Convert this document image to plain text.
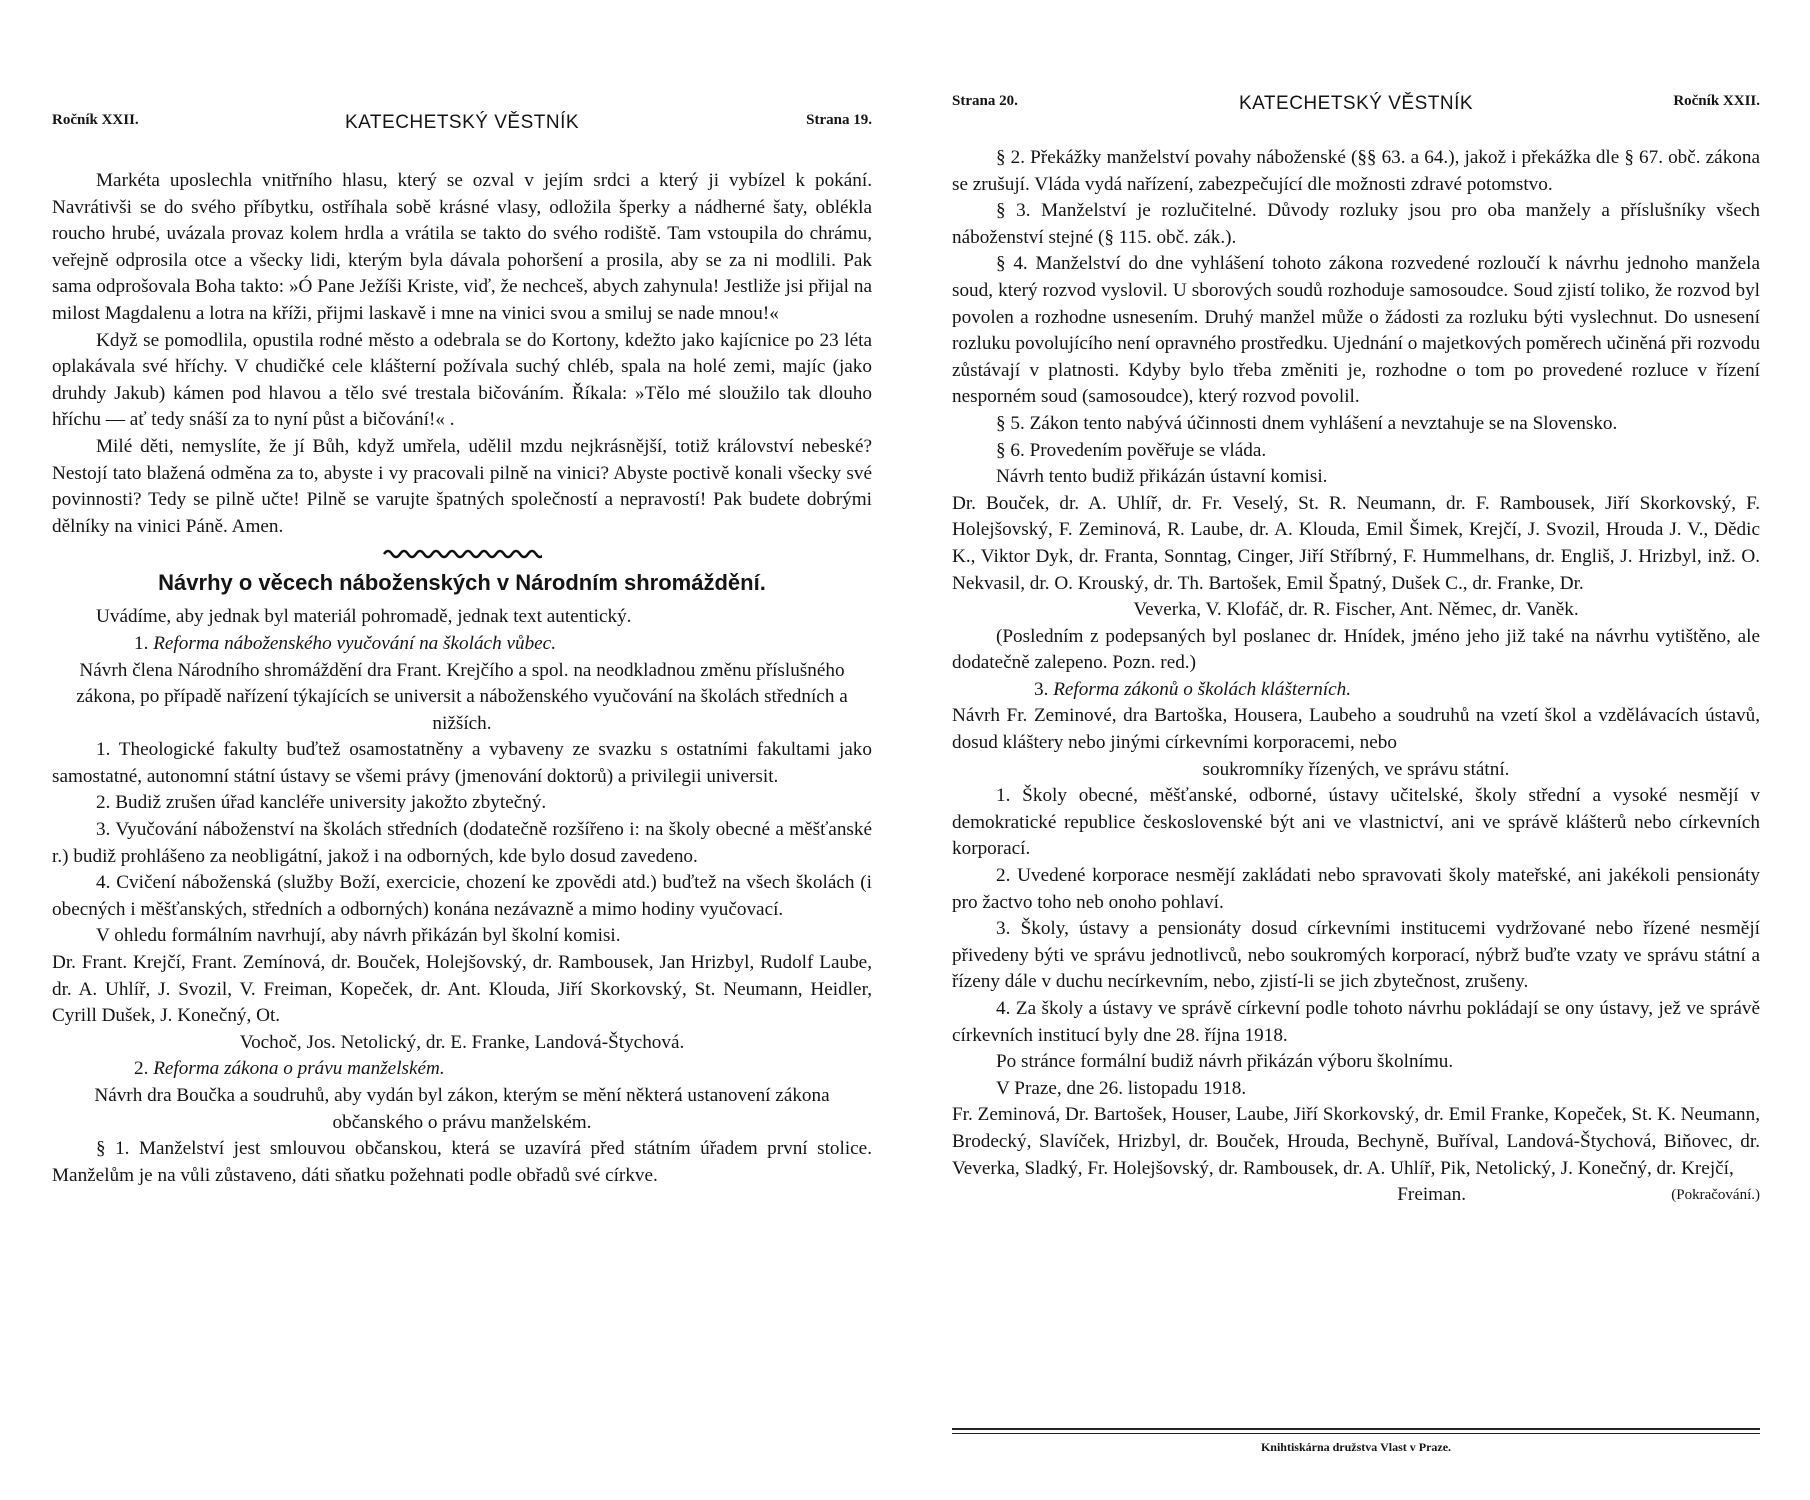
Ročník XXII.	KATECHETSKÝ VĚSTNÍK	Strana 19.

Markéta uposlechla vnitřního hlasu, který se ozval v jejím srdci a který ji vybízel k pokání. Navrátivši se do svého příbytku, ostříhala sobě krásné vlasy, odložila šperky a nádherné šaty, oblékla roucho hrubé, uvázala provaz kolem hrdla a vrátila se takto do svého rodiště. Tam vstoupila do chrámu, veřejně odprosila otce a všecky lidi, kterým byla dávala pohoršení a prosila, aby se za ni modlili. Pak sama odprošovala Boha takto: »Ó Pane Ježíši Kriste, viď, že nechceš, abych zahynula! Jestliže jsi přijal na milost Magdalenu a lotra na kříži, přijmi laskavě i mne na vinici svou a smiluj se nade mnou!«

Když se pomodlila, opustila rodné město a odebrala se do Kortony, kdežto jako kajícnice po 23 léta oplakávala své hříchy. V chudičké cele klášterní požívala suchý chléb, spala na holé zemi, majíc (jako druhdy Jakub) kámen pod hlavou a tělo své trestala bičováním. Říkala: »Tělo mé sloužilo tak dlouho hříchu — ať tedy snáší za to nyní půst a bičování!« .

Milé děti, nemyslíte, že jí Bůh, když umřela, udělil mzdu nejkrásnější, totiž království nebeské? Nestojí tato blažená odměna za to, abyste i vy pracovali pilně na vinici? Abyste poctivě konali všecky své povinnosti? Tedy se pilně učte! Pilně se varujte špatných společností a nepravostí! Pak budete dobrými dělníky na vinici Páně. Amen.

Návrhy o věcech náboženských v Národním shromáždění.

Uvádíme, aby jednak byl materiál pohromadě, jednak text autentický.

1. Reforma náboženského vyučování na školách vůbec.

Návrh člena Národního shromáždění dra Frant. Krejčího a spol. na neodkladnou změnu příslušného zákona, po případě nařízení týkajících se universit a náboženského vyučování na školách středních a nižších.

1. Theologické fakulty buďtež osamostatněny a vybaveny ze svazku s ostatními fakultami jako samostatné, autonomní státní ústavy se všemi právy (jmenování doktorů) a privilegii universit.

2. Budiž zrušen úřad kancléře university jakožto zbytečný.

3. Vyučování náboženství na školách středních (dodatečně rozšířeno i: na školy obecné a měšťanské r.) budiž prohlášeno za neobligátní, jakož i na odborných, kde bylo dosud zavedeno.

4. Cvičení náboženská (služby Boží, exercicie, chození ke zpovědi atd.) buďtež na všech školách (i obecných i měšťanských, středních a odborných) konána nezávazně a mimo hodiny vyučovací.

V ohledu formálním navrhují, aby návrh přikázán byl školní komisi.

Dr. Frant. Krejčí, Frant. Zemínová, dr. Bouček, Holejšovský, dr. Rambousek, Jan Hrizbyl, Rudolf Laube, dr. A. Uhlíř, J. Svozil, V. Freiman, Kopeček, dr. Ant. Klouda, Jiří Skorkovský, St. Neumann, Heidler, Cyrill Dušek, J. Konečný, Ot.

Vochoč, Jos. Netolický, dr. E. Franke, Landová-Štychová.

2. Reforma zákona o právu manželském.

Návrh dra Boučka a soudruhů, aby vydán byl zákon, kterým se mění některá ustanovení zákona občanského o právu manželském.

§ 1. Manželství jest smlouvou občanskou, která se uzavírá před státním úřadem první stolice. Manželům je na vůli zůstaveno, dáti sňatku požehnati podle obřadů své církve.

Strana 20.	KATECHETSKÝ VĚSTNÍK	Ročník XXII.

§ 2. Překážky manželství povahy náboženské (§§ 63. a 64.), jakož i překážka dle § 67. obč. zákona se zrušují. Vláda vydá nařízení, zabezpečující dle možnosti zdravé potomstvo.

§ 3. Manželství je rozlučitelné. Důvody rozluky jsou pro oba manžely a příslušníky všech náboženství stejné (§ 115. obč. zák.).

§ 4. Manželství do dne vyhlášení tohoto zákona rozvedené rozloučí k návrhu jednoho manžela soud, který rozvod vyslovil. U sborových soudů rozhoduje samosoudce. Soud zjistí toliko, že rozvod byl povolen a rozhodne usnesením. Druhý manžel může o žádosti za rozluku býti vyslechnut. Do usnesení rozluku povolujícího není opravného prostředku. Ujednání o majetkových poměrech učiněná při rozvodu zůstávají v platnosti. Kdyby bylo třeba změniti je, rozhodne o tom po provedené rozluce v řízení nesporném soud (samosoudce), který rozvod povolil.

§ 5. Zákon tento nabývá účinnosti dnem vyhlášení a nevztahuje se na Slovensko.

§ 6. Provedením pověřuje se vláda.

Návrh tento budiž přikázán ústavní komisi.

Dr. Bouček, dr. A. Uhlíř, dr. Fr. Veselý, St. R. Neumann, dr. F. Rambousek, Jiří Skorkovský, F. Holejšovský, F. Zeminová, R. Laube, dr. A. Klouda, Emil Šimek, Krejčí, J. Svozil, Hrouda J. V., Dědic K., Viktor Dyk, dr. Franta, Sonntag, Cinger, Jiří Stříbrný, F. Hummelhans, dr. Engliš, J. Hrizbyl, inž. O. Nekvasil, dr. O. Krouský, dr. Th. Bartošek, Emil Špatný, Dušek C., dr. Franke, Dr.

Veverka, V. Klofáč, dr. R. Fischer, Ant. Němec, dr. Vaněk.

(Posledním z podepsaných byl poslanec dr. Hnídek, jméno jeho již také na návrhu vytištěno, ale dodatečně zalepeno. Pozn. red.)

3. Reforma zákonů o školách klášterních.

Návrh Fr. Zeminové, dra Bartoška, Housera, Laubeho a soudruhů na vzetí škol a vzdělávacích ústavů, dosud kláštery nebo jinými církevními korporacemi, nebo

soukromníky řízených, ve správu státní.

1. Školy obecné, měšťanské, odborné, ústavy učitelské, školy střední a vysoké nesmějí v demokratické republice československé být ani ve vlastnictví, ani ve správě klášterů nebo církevních korporací.

2. Uvedené korporace nesmějí zakládati nebo spravovati školy mateřské, ani jakékoli pensionáty pro žactvo toho neb onoho pohlaví.

3. Školy, ústavy a pensionáty dosud církevními institucemi vydržované nebo řízené nesmějí přivedeny býti ve správu jednotlivců, nebo soukromých korporací, nýbrž buďte vzaty ve správu státní a řízeny dále v duchu necírkevním, nebo, zjistí-li se jich zbytečnost, zrušeny.

4. Za školy a ústavy ve správě církevní podle tohoto návrhu pokládají se ony ústavy, jež ve správě církevních institucí byly dne 28. října 1918.

Po stránce formální budiž návrh přikázán výboru školnímu.

V Praze, dne 26. listopadu 1918.

Fr. Zeminová, Dr. Bartošek, Houser, Laube, Jiří Skorkovský, dr. Emil Franke, Kopeček, St. K. Neumann, Brodecký, Slavíček, Hrizbyl, dr. Bouček, Hrouda, Bechyně, Buříval, Landová-Štychová, Biňovec, dr. Veverka, Sladký, Fr. Holejšovský, dr. Rambousek, dr. A. Uhlíř, Pik, Netolický, J. Konečný, dr. Krejčí,

Freiman.	(Pokračování.)

Knihtiskárna družstva Vlast v Praze.
